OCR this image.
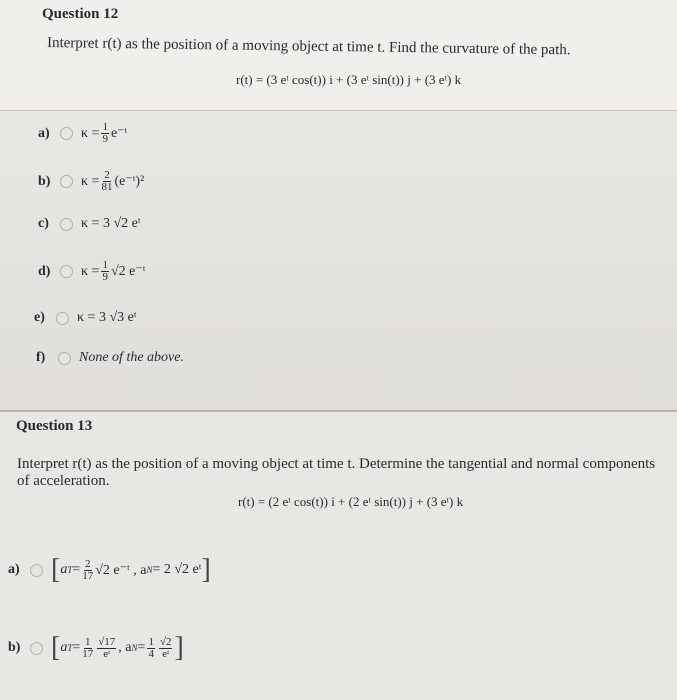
Question 12
Interpret r(t) as the position of a moving object at time t. Find the curvature of the path.
r(t) = (3 eᵗ cos(t)) i + (3 eᵗ sin(t)) j + (3 eᵗ) k
a)	$\kappa = \frac{1}{9}$ e⁻ᵗ
b)	$\kappa = \frac{2}{81}$ (e⁻ᵗ)²
c)	κ = 3 √2 eᵗ
d)	$\kappa = \frac{1}{9} √2$ e⁻ᵗ
e)	κ = 3 √3 eᵗ
f)	None of the above.
Question 13
Interpret r(t) as the position of a moving object at time t. Determine the tangential and normal components of acceleration.
r(t) = (2 eᵗ cos(t)) i + (2 eᵗ sin(t)) j + (3 eᵗ) k
a)	[ a $T = \frac{2}{17} √2$ e⁻ᵗ , a N = 2 √2 eᵗ ]
b)	[ a $T = \frac{1}{17} \frac{√17}{\text{eᵗ}}$ , a $N = \frac{1}{4} \frac{√2}{\text{eᵗ}}$ ]
